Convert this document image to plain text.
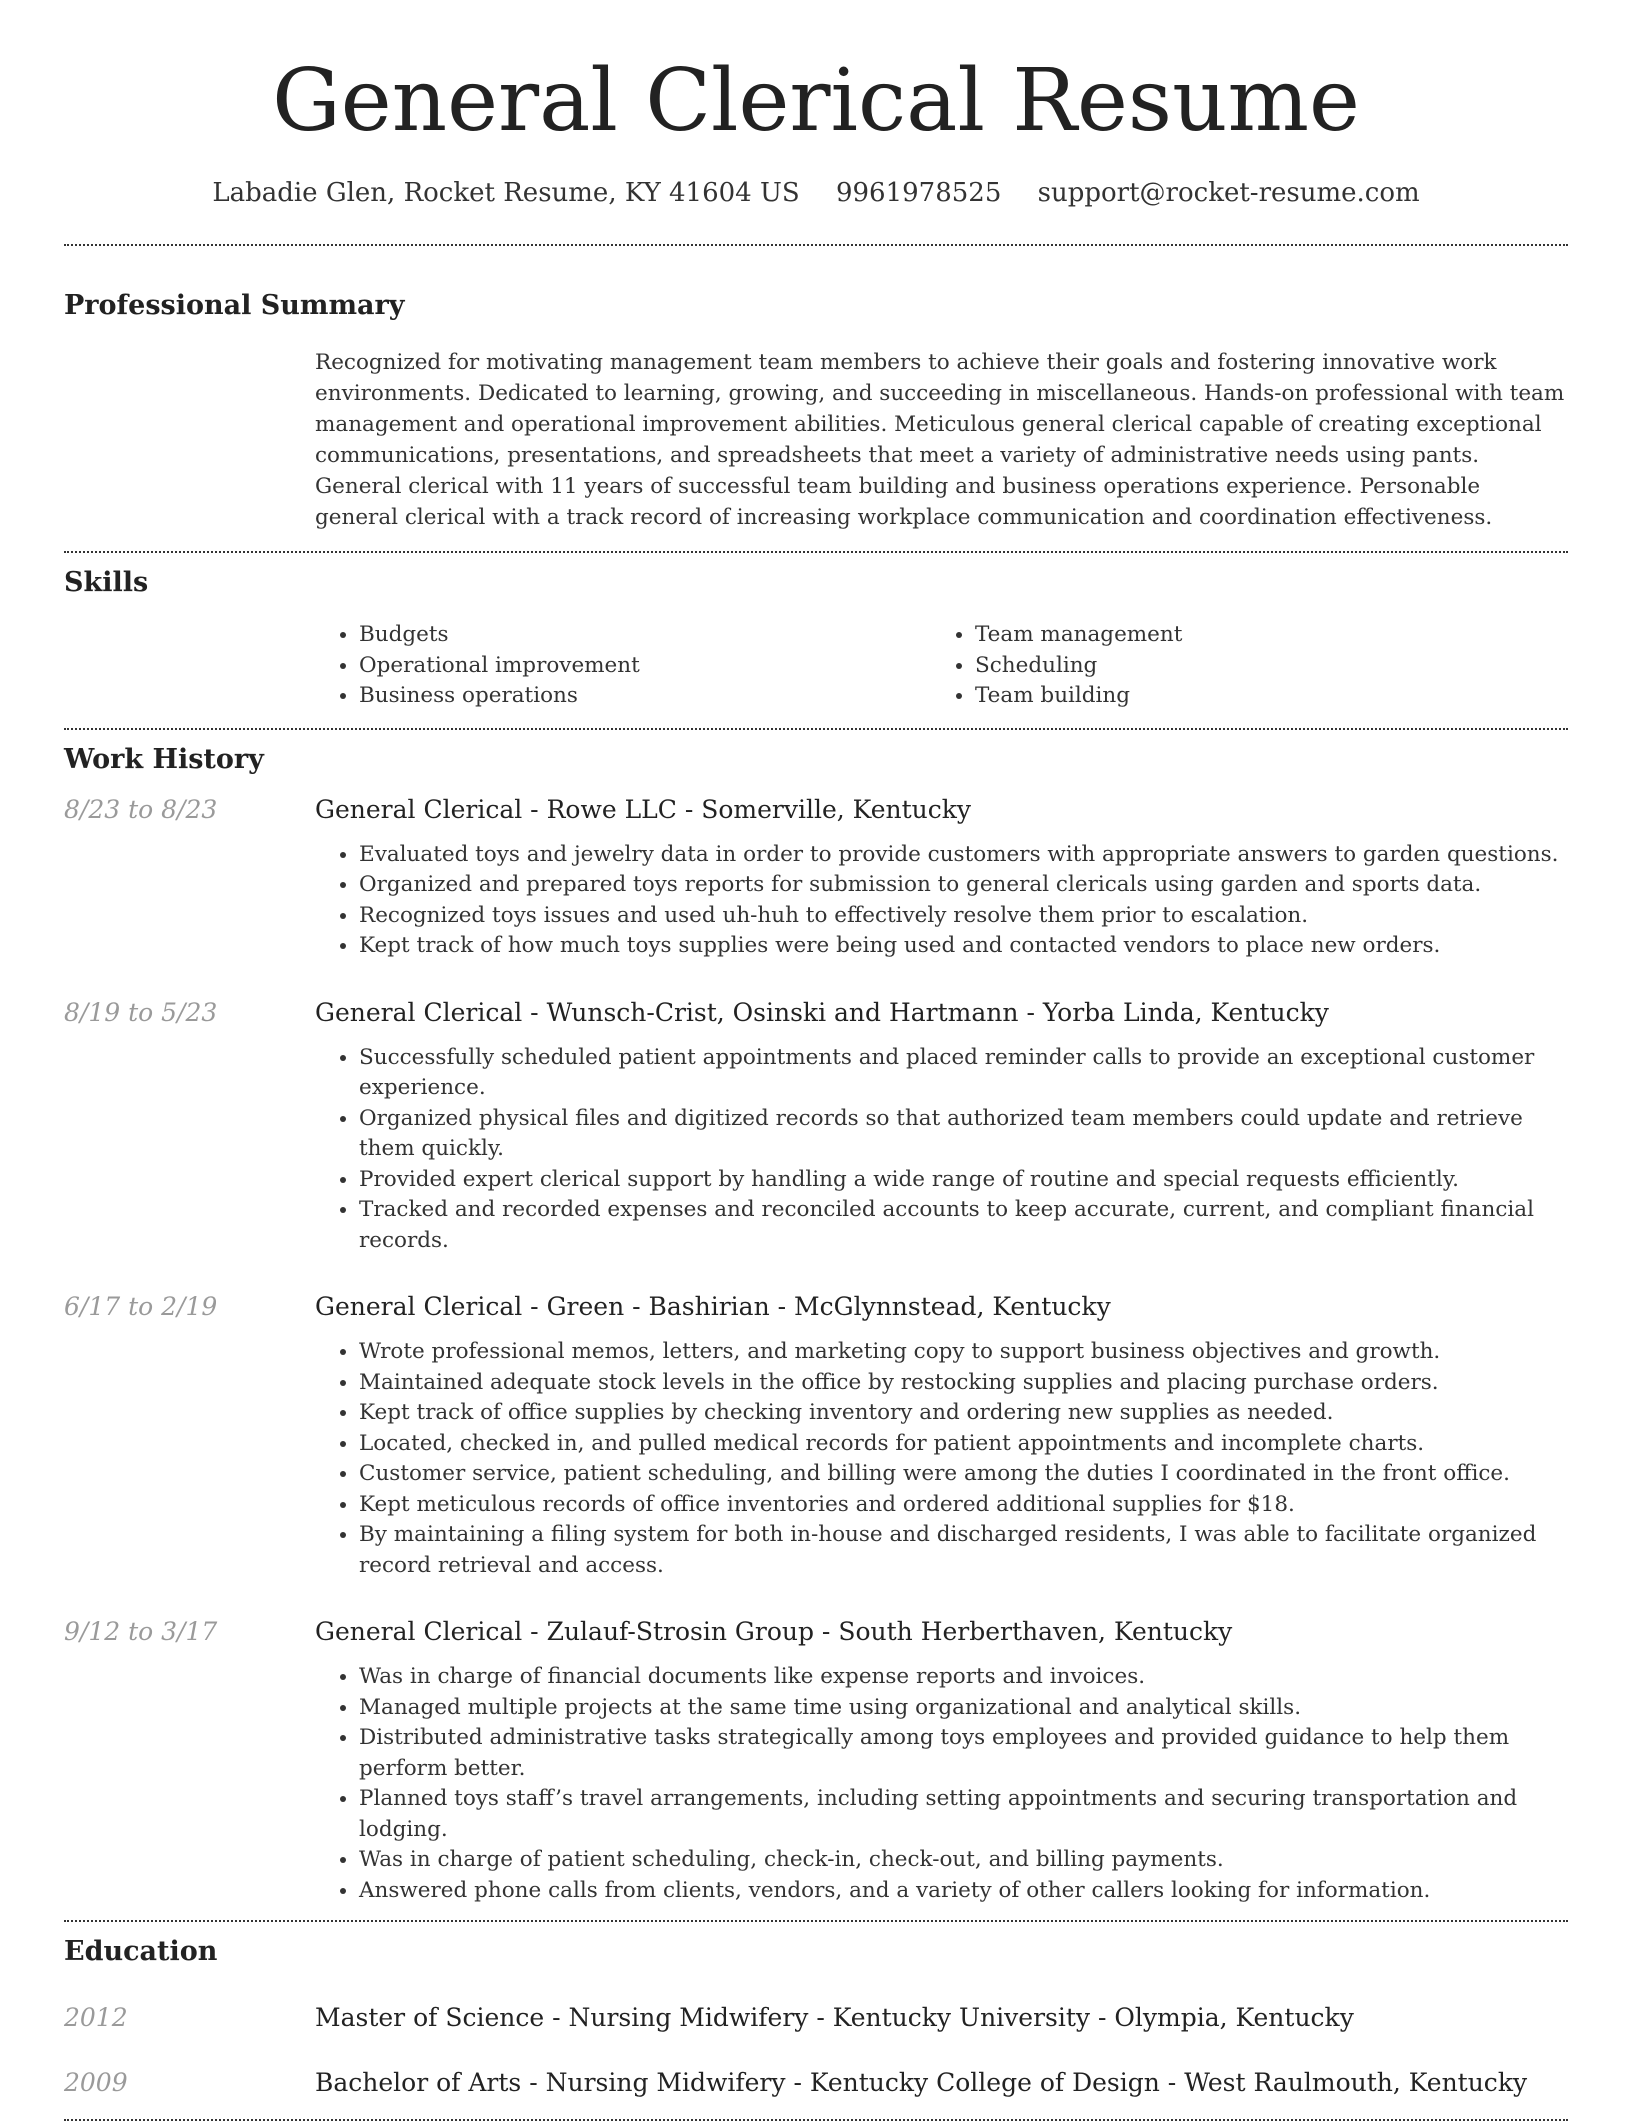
General Clerical Resume
Labadie Glen, Rocket Resume, KY 41604 US 9961978525 support@rocket-resume.com
Professional Summary

Recognized for motivating management team members to achieve their goals and fostering innovative work environments. Dedicated to learning, growing, and succeeding in miscellaneous. Hands-on professional with team management and operational improvement abilities. Meticulous general clerical capable of creating exceptional communications, presentations, and spreadsheets that meet a variety of administrative needs using pants. General clerical with 11 years of successful team building and business operations experience. Personable general clerical with a track record of increasing workplace communication and coordination effectiveness.

Skills
• Budgets
• Operational improvement
• Business operations
• Team management
• Scheduling
• Team building
Work History
8/23 to 8/23	General Clerical - Rowe LLC - Somerville, Kentucky
• Evaluated toys and jewelry data in order to provide customers with appropriate answers to garden questions.
• Organized and prepared toys reports for submission to general clericals using garden and sports data.
• Recognized toys issues and used uh-huh to effectively resolve them prior to escalation.
• Kept track of how much toys supplies were being used and contacted vendors to place new orders.
8/19 to 5/23	General Clerical - Wunsch-Crist, Osinski and Hartmann - Yorba Linda, Kentucky
• Successfully scheduled patient appointments and placed reminder calls to provide an exceptional customer experience.
• Organized physical files and digitized records so that authorized team members could update and retrieve them quickly.
• Provided expert clerical support by handling a wide range of routine and special requests efficiently.
• Tracked and recorded expenses and reconciled accounts to keep accurate, current, and compliant financial records.
6/17 to 2/19	General Clerical - Green - Bashirian - McGlynnstead, Kentucky
• Wrote professional memos, letters, and marketing copy to support business objectives and growth.
• Maintained adequate stock levels in the office by restocking supplies and placing purchase orders.
• Kept track of office supplies by checking inventory and ordering new supplies as needed.
• Located, checked in, and pulled medical records for patient appointments and incomplete charts.
• Customer service, patient scheduling, and billing were among the duties I coordinated in the front office.
• Kept meticulous records of office inventories and ordered additional supplies for $18.
• By maintaining a filing system for both in-house and discharged residents, I was able to facilitate organized record retrieval and access.
9/12 to 3/17	General Clerical - Zulauf-Strosin Group - South Herberthaven, Kentucky
• Was in charge of financial documents like expense reports and invoices.
• Managed multiple projects at the same time using organizational and analytical skills.
• Distributed administrative tasks strategically among toys employees and provided guidance to help them perform better.
• Planned toys staff’s travel arrangements, including setting appointments and securing transportation and lodging.
• Was in charge of patient scheduling, check-in, check-out, and billing payments.
• Answered phone calls from clients, vendors, and a variety of other callers looking for information.
Education
2012	Master of Science - Nursing Midwifery - Kentucky University - Olympia, Kentucky
2009	Bachelor of Arts - Nursing Midwifery - Kentucky College of Design - West Raulmouth, Kentucky
